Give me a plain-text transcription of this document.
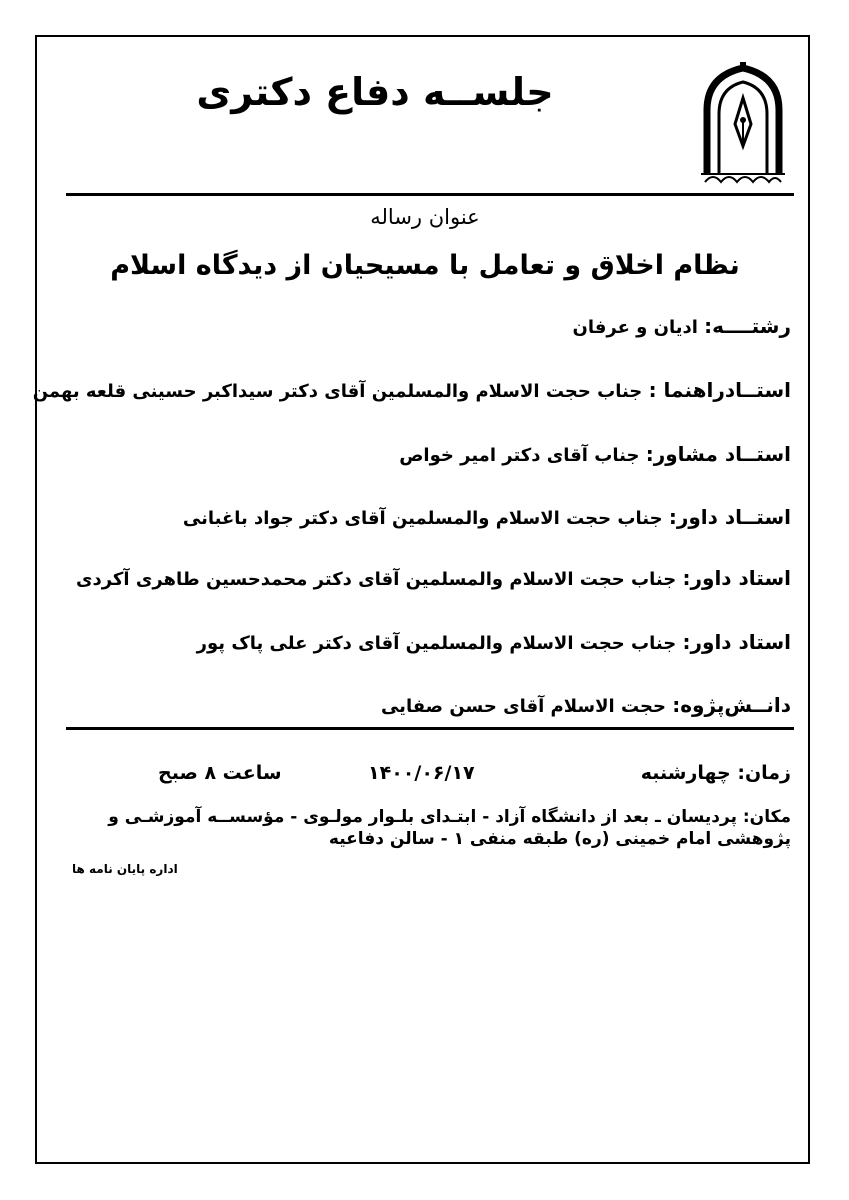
جلســه دفاع دکتری
عنوان رساله
نظام اخلاق و تعامل با مسیحیان از دیدگاه اسلام
رشتــــه: ادیان و عرفان
استــادراهنما : جناب حجت الاسلام والمسلمین آقای دکتر سیداکبر حسینی قلعه بهمن
استــاد مشاور: جناب آقای دکتر امیر خواص
استــاد داور: جناب حجت الاسلام والمسلمین آقای دکتر جواد باغبانی
استاد داور: جناب حجت الاسلام والمسلمین آقای دکتر محمدحسین طاهری آکردی
استاد داور: جناب حجت الاسلام والمسلمین آقای دکتر علی پاک پور
دانــش‌پژوه: حجت الاسلام آقای حسن صفایی
زمان: چهارشنبه
۱۴۰۰/۰۶/۱۷
ساعت ۸ صبح
مکان: پردیسان ـ بعد از دانشگاه آزاد - ابتـدای بلـوار مولـوی - مؤسســه آموزشـی و پژوهشی امام خمینی (ره) طبقه منفی ۱ - سالن دفاعیه
اداره پایان نامه ها
